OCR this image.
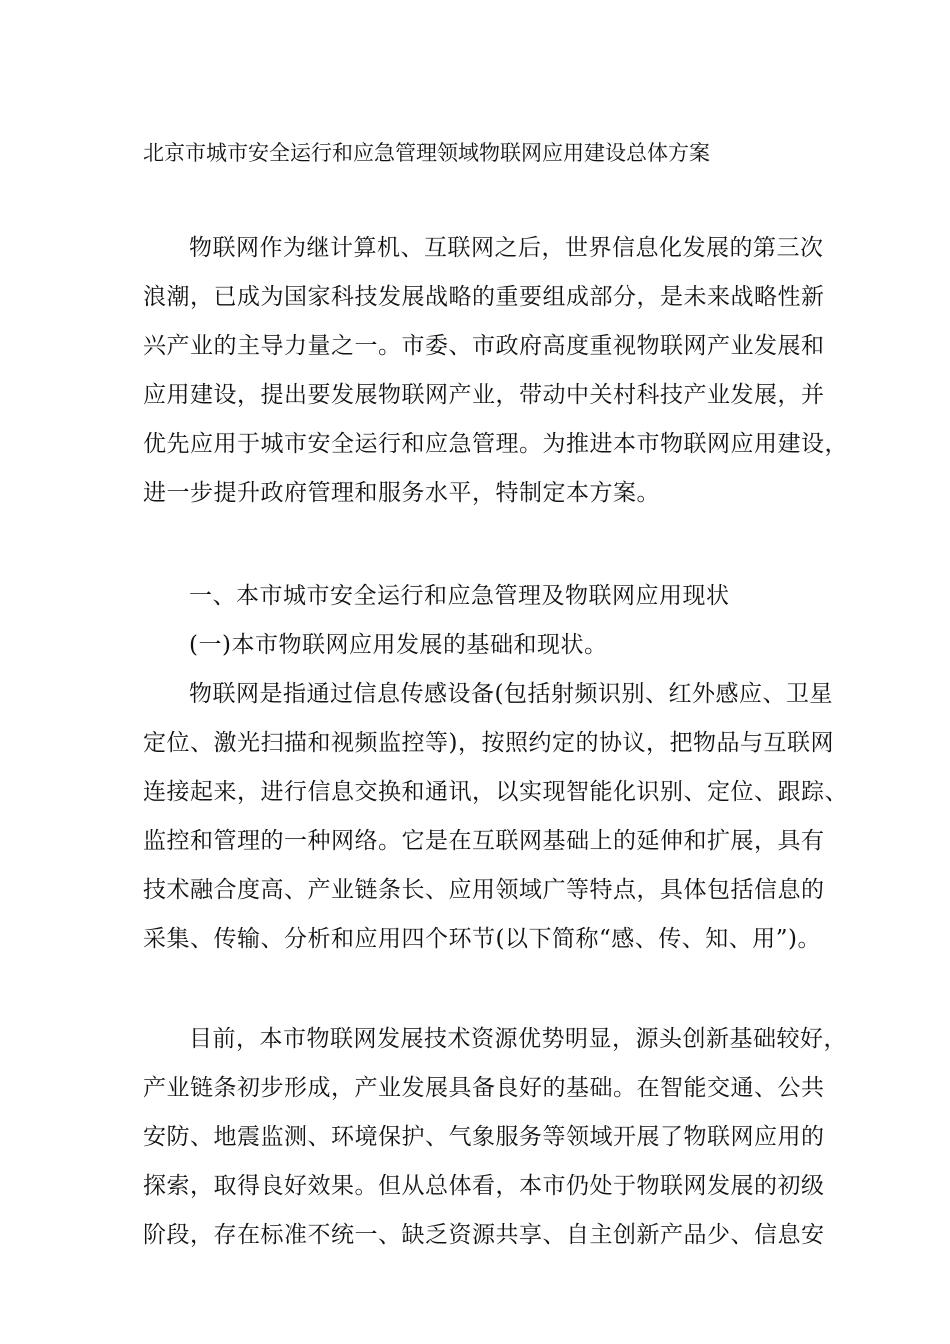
北京市城市安全运行和应急管理领域物联网应用建设总体方案
物联网作为继计算机、互联网之后，世界信息化发展的第三次
浪潮，已成为国家科技发展战略的重要组成部分，是未来战略性新
兴产业的主导力量之一。市委、市政府高度重视物联网产业发展和
应用建设，提出要发展物联网产业，带动中关村科技产业发展，并
优先应用于城市安全运行和应急管理。为推进本市物联网应用建设，
进一步提升政府管理和服务水平，特制定本方案。
一、本市城市安全运行和应急管理及物联网应用现状
(一)本市物联网应用发展的基础和现状。
物联网是指通过信息传感设备(包括射频识别、红外感应、卫星
定位、激光扫描和视频监控等)，按照约定的协议，把物品与互联网
连接起来，进行信息交换和通讯，以实现智能化识别、定位、跟踪、
监控和管理的一种网络。它是在互联网基础上的延伸和扩展，具有
技术融合度高、产业链条长、应用领域广等特点，具体包括信息的
采集、传输、分析和应用四个环节(以下简称“感、传、知、用”)。
目前，本市物联网发展技术资源优势明显，源头创新基础较好，
产业链条初步形成，产业发展具备良好的基础。在智能交通、公共
安防、地震监测、环境保护、气象服务等领域开展了物联网应用的
探索，取得良好效果。但从总体看，本市仍处于物联网发展的初级
阶段，存在标准不统一、缺乏资源共享、自主创新产品少、信息安
